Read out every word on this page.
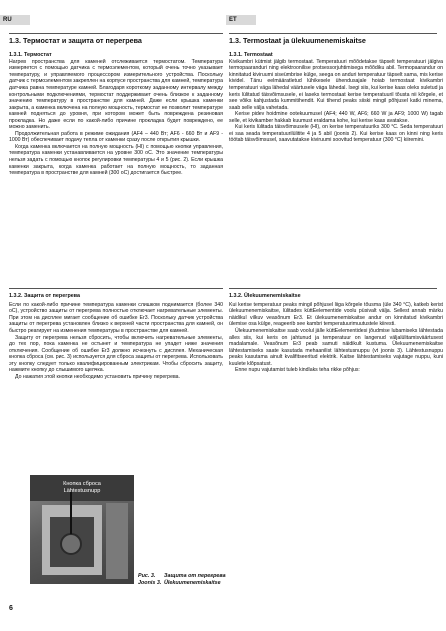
RU	ET
1.3. Термостат и защита от перегрева
1.3.1. Термостат

Нагрев пространства для каменей отслеживается термостатом. Температура измеряется с помощью датчика с термоэлементом, который очень точно указывает температуру, и управляемого процессором измерительного устройства. Поскольку датчик с термоэлементом закреплен на корпусе пространства для камней, температура датчика равна температуре камней. Благодаря короткому заданному интервалу между контрольными подключениями, термостат поддерживает очень близкое к заданному значению температуру в пространстве для камней. Даже если крышка каменки закрыта, а каменка включена на полную мощность, термостат не позволит температуре камней подняться до уровня, при котором может быть повреждена резиновая прокладка. Но даже если по какой-либо причине прокладка будет повреждено, ее можно заменить.

Продолжительная работа в режиме ожидания (AF4 – 440 Вт; AF6 - 660 Вт и AF9 - 1000 Вт) обеспечивает подачу тепла от каменки сразу после открытия крышки.

Когда каменка включается на полную мощность (HI) с помощью кнопки управления, температура каменки устанавливается на уровне 300 оC. Это значение температуры нельзя задать с помощью кнопок регулировки температуры 4 и 5 (рис. 2). Если крышка каменки закрыта, когда каменка работает на полную мощность, то заданная температура в пространстве для камней (300 оC) достигается быстрее.

1.3. Termostaat ja ülekuumenemiskaitse
1.3.1. Termostaat

Kivikambri kütmist jälgib termostaat. Temperatuuri mõõdetakse täpselt temperatuuri jälgiva termopaaranduri ning elektroonilise protsessorjuhtimisega mõõdiku abil. Termopaarandur on kinnitatud kiviruumi siseümbrise külge, seega on anduri temperatuur täpselt sama, mis kerise kividel. Tänu eelmääratletud lühikesele ühendusajale hoiab termostaat kivikambri temperatuuri väga lähedal väärtusele väga lähedal. Isegi siis, kui kerise kaas oleks suletud ja keris lülitatud täisvõimsusele, ei laseks termostaat kerise temperatuuril tõusta nii kõrgele, et see võiks kahjustada kummitihendit. Kui tihend peaks siiski mingil põhjusel katki minema, saab selle välja vahetada.

Kerise pidev hoidmine ootekuumusel (AF4; 440 W, AF6; 660 W ja AF9; 1000 W) tagab selle, et kivikamber hakkab kuumust eraldama kohe, kui kerise kaas avatakse.

Kui keris lülitada täisvõimsusele (HI), on kerise temperatuuriks 300 °C. Seda temperatuuri ei saa seada temperatuurilülitite 4 ja 5 abil (joonis 2). Kui kerise kaas on kinni ning keris töötab täisvõimsusel, saavutatakse kiviruumi soovitud temperatuur (300 °C) kiiremini.

1.3.2. Защита от перегрева

Если по какой-либо причине температура каменки слишком поднимается (более 340 оC), устройство защиты от перегрева полностью отключает нагревательные элементы. При этом на дисплее мигает сообщение об ошибке Er3. Поскольку датчик устройства защиты от перегрева установлен близко к верхней части пространства для камней, он быстро реагирует на изменения температуры в пространстве для камней.

Защиту от перегрева нельзя сбросить, чтобы включить нагревательные элементы, до тех пор, пока каменка не остынет и температура не упадет ниже значения отключения. Сообщение об ошибке Er3 должно исчезнуть с дисплея. Механическая кнопка сброса (см. рис. 3) используется для сброса защиты от перегрева. Использовать эту кнопку следует только квалифицированным электрикам. Чтобы сбросить защиту, нажмите кнопку до слышимого щелчка.

До нажатия этой кнопки необходимо установить причину перегрева.

1.3.2. Ülekuumenemiskaitse

Kui kerise temperatuur peaks mingil põhjusel liiga kõrgele tõusma (üle 340 °C), katkeb kerist ülekuumenemiskaitse, lülitades küttEelementide voolu püsivalt välja. Sellest annab märku näidikul vilkuv veasõnum Er3. Et ülekuumenemiskaitse andur on kinnitatud kivikambri ülemise osa külge, reageerib see kambri temperatuurimuutustele kiiresti.

Ülekuumenemiskaitse saab voolul jälle küttEelementidesi jõudmise lubamiseks lähtestada alles siis, kui keris on jahtunud ja temperatuur on langenud väljalülitamisväärtusest madalamale. Veasõnum Er3 peab samuti näidikult kustuma. Ülekuumenemiskaitse lähtestamiseks saate kasutada mehaanilist lähtestusnuppu (vt joonis 3). Lähtestusnuppu peaks kasutama ainult kvalifitseeritud elektrik. Kaitse lähtestamiseks vajutage nuppu, kuni kuulete klõpsatust.

Enne nupu vajutamist tuleb kindlaks teha rikke põhjus:

Кнопка сброса
Lähtestusnupp
Рис. 3. Защита от перегрева
Joonis 3. Ülekuumenemiskaitse
6
